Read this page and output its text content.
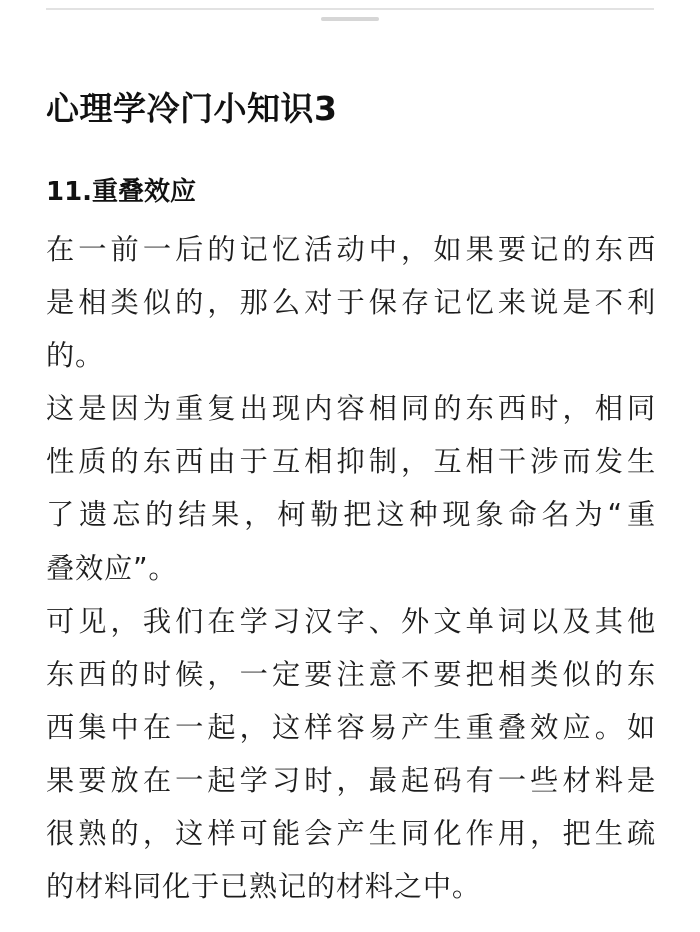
心理学冷门小知识3
11.重叠效应
在一前一后的记忆活动中，如果要记的东西
是相类似的，那么对于保存记忆来说是不利
的。
这是因为重复出现内容相同的东西时，相同
性质的东西由于互相抑制，互相干涉而发生
了遗忘的结果，柯勒把这种现象命名为“重
叠效应”。
可见，我们在学习汉字、外文单词以及其他
东西的时候，一定要注意不要把相类似的东
西集中在一起，这样容易产生重叠效应。如
果要放在一起学习时，最起码有一些材料是
很熟的，这样可能会产生同化作用，把生疏
的材料同化于已熟记的材料之中。
